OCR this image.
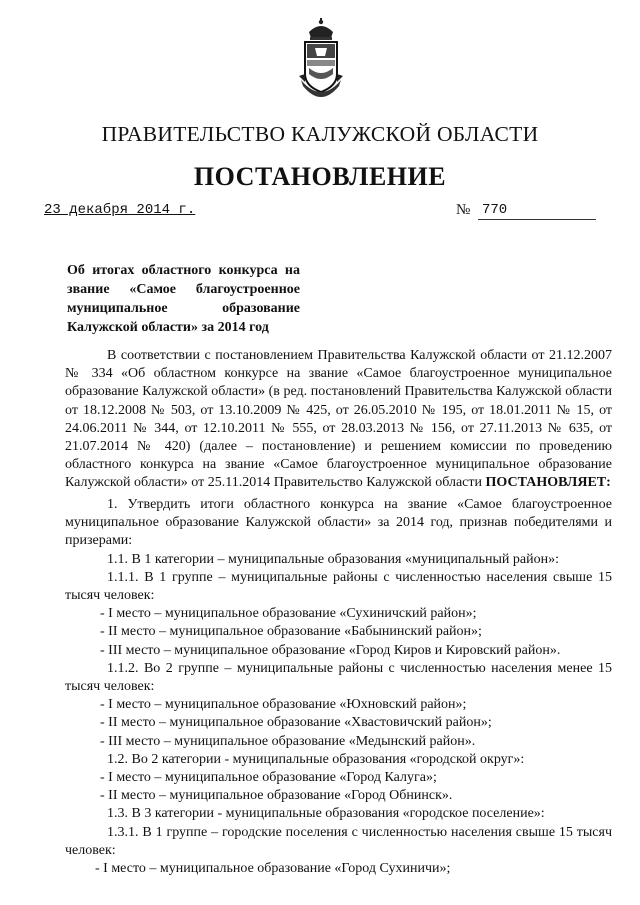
ПРАВИТЕЛЬСТВО КАЛУЖСКОЙ ОБЛАСТИ
ПОСТАНОВЛЕНИЕ
23 декабря 2014 г.	№ 770
Об итогах областного конкурса на
звание «Самое благоустроенное
муниципальное образование
Калужской области» за 2014 год

В соответствии с постановлением Правительства Калужской области от 21.12.2007 № 334 «Об областном конкурсе на звание «Самое благоустроенное муниципальное образование Калужской области» (в ред. постановлений Правительства Калужской области от 18.12.2008 № 503, от 13.10.2009 № 425, от 26.05.2010 № 195, от 18.01.2011 № 15, от 24.06.2011 № 344, от 12.10.2011 № 555, от 28.03.2013 № 156, от 27.11.2013 № 635, от 21.07.2014 № 420) (далее – постановление) и решением комиссии по проведению областного конкурса на звание «Самое благоустроенное муниципальное образование Калужской области» от 25.11.2014 Правительство Калужской области ПОСТАНОВЛЯЕТ:

1. Утвердить итоги областного конкурса на звание «Самое благоустроенное муниципальное образование Калужской области» за 2014 год, признав победителями и призерами:

1.1. В 1 категории – муниципальные образования «муниципальный район»:

1.1.1. В 1 группе – муниципальные районы с численностью населения свыше 15 тысяч человек:

- I место – муниципальное образование «Сухиничский район»;

- II место – муниципальное образование «Бабынинский район»;

- III место – муниципальное образование «Город Киров и Кировский район».

1.1.2. Во 2 группе – муниципальные районы с численностью населения менее 15 тысяч человек:

- I место – муниципальное образование «Юхновский район»;

- II место – муниципальное образование «Хвастовичский район»;

- III место – муниципальное образование «Медынский район».

1.2. Во 2 категории - муниципальные образования «городской округ»:

- I место – муниципальное образование «Город Калуга»;

- II место – муниципальное образование «Город Обнинск».

1.3. В 3 категории - муниципальные образования «городское поселение»:

1.3.1. В 1 группе – городские поселения с численностью населения свыше 15 тысяч человек:

- I место – муниципальное образование «Город Сухиничи»;
